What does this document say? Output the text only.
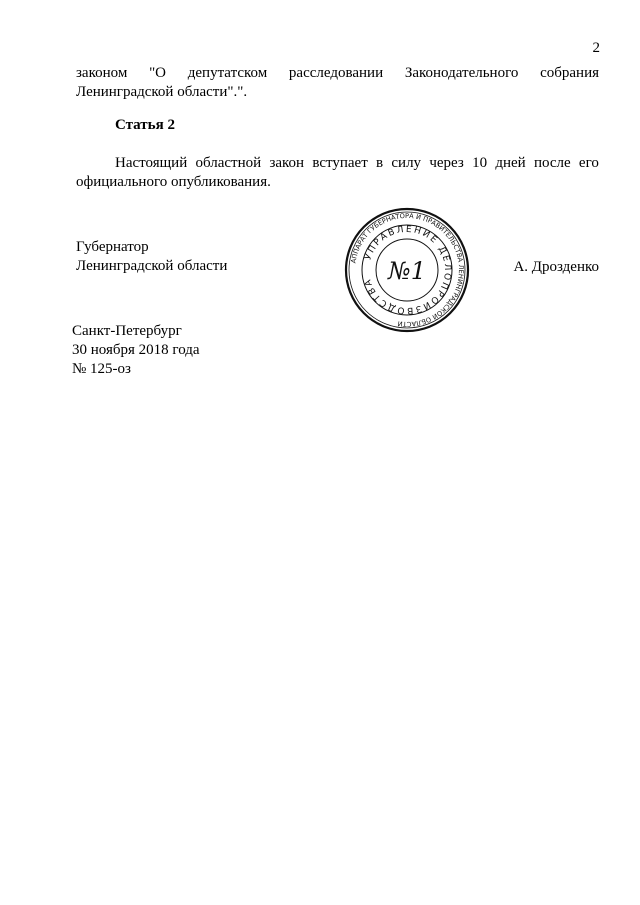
2
законом "О депутатском расследовании Законодательного собрания
Ленинградской области".".
Статья 2
Настоящий областной закон вступает в силу через 10 дней после его
официального опубликования.
Губернатор
Ленинградской области	АППАРАТ ГУБЕРНАТОРА И ПРАВИТЕЛЬСТВА ЛЕНИНГРАДСКОЙ ОБЛАСТИ
УПРАВЛЕНИЕ ДЕЛОПРОИЗВОДСТВА №1	А. Дрозденко
Санкт-Петербург
30 ноября 2018 года
№ 125-оз
